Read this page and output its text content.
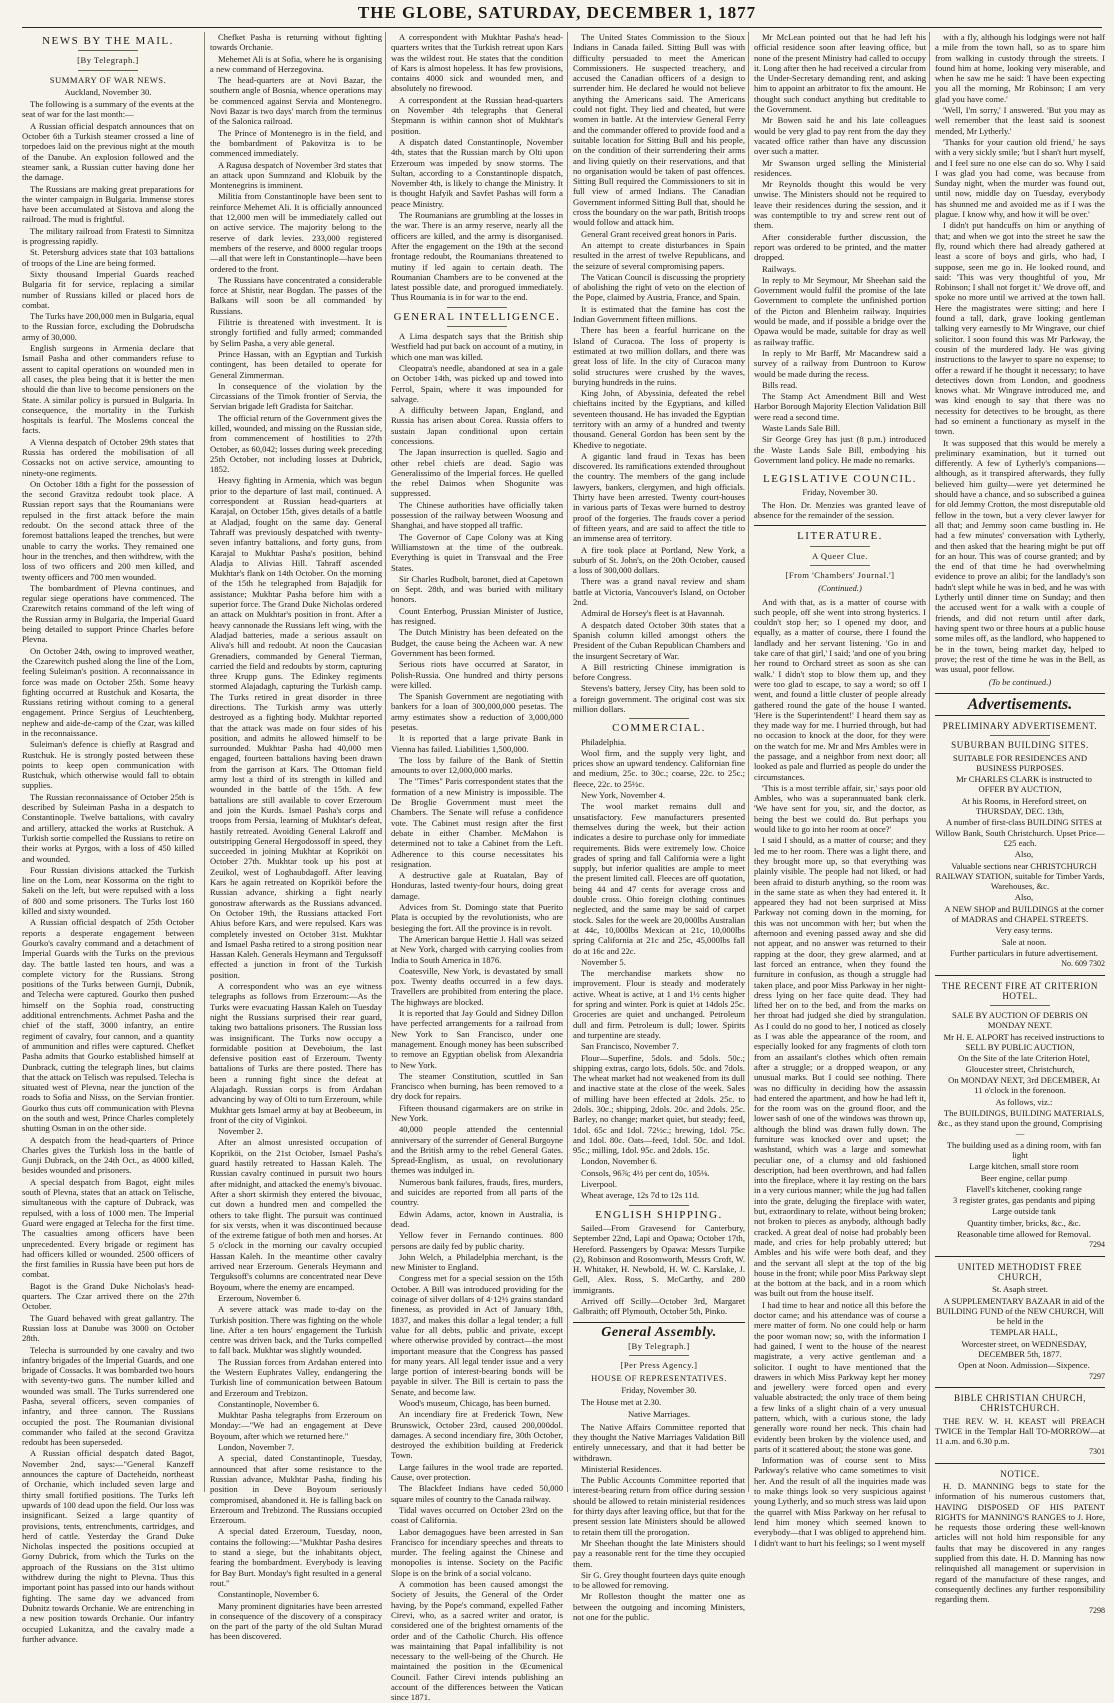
THE GLOBE, SATURDAY, DECEMBER 1, 1877
NEWS BY THE MAIL.
[By Telegraph.]
SUMMARY OF WAR NEWS.

Auckland, November 30.

The following is a summary of the events at the seat of war for the last month:—

A Russian official despatch announces that on October 6th a Turkish steamer crossed a line of torpedoes laid on the previous night at the mouth of the Danube. An explosion followed and the steamer sank, a Russian cutter having done her the damage.

The Russians are making great preparations for the winter campaign in Bulgaria. Immense stores have been accumulated at Sistova and along the railroad. The mud is frightful.

The military railroad from Fratesti to Simnitza is progressing rapidly.

St. Petersburg advices state that 103 battalions of troops of the Line are being formed.

Sixty thousand Imperial Guards reached Bulgaria fit for service, replacing a similar number of Russians killed or placed hors de combat.

The Turks have 200,000 men in Bulgaria, equal to the Russian force, excluding the Dobrudscha army of 30,000.

English surgeons in Armenia declare that Ismail Pasha and other commanders refuse to assent to capital operations on wounded men in all cases, the plea being that it is better the men should die than live to become pensioners on the State. A similar policy is pursued in Bulgaria. In consequence, the mortality in the Turkish hospitals is fearful. The Moslems conceal the facts.

A Vienna despatch of October 29th states that Russia has ordered the mobilisation of all Cossacks not on active service, amounting to ninety-one regiments.

On October 18th a fight for the possession of the second Gravitza redoubt took place. A Russian report says that the Roumanians were repulsed in the first attack before the main redoubt. On the second attack three of the foremost battalions leaped the trenches, but were unable to carry the works. They remained one hour in the trenches, and then withdrew, with the loss of two officers and 200 men killed, and twenty officers and 700 men wounded.

The bombardment of Plevna continues, and regular siege operations have commenced. The Czarewitch retains command of the left wing of the Russian army in Bulgaria, the Imperial Guard being detailed to support Prince Charles before Plevna.

On October 24th, owing to improved weather, the Czarewitch pushed along the line of the Lom, feeling Suleiman's position. A reconnaissance in force was made on October 25th. Some heavy fighting occurred at Rustchuk and Kosarta, the Russians retiring without coming to a general engagement. Prince Sergius of Leuchtenberg, nephew and aide-de-camp of the Czar, was killed in the reconnaissance.

Suleiman's defence is chiefly at Rasgrad and Rustchuk. He is strongly posted between these points to keep open communication with Rustchuk, which otherwise would fall to obtain supplies.

The Russian reconnaissance of October 25th is described by Suleiman Pasha in a despatch to Constantinople. Twelve battalions, with cavalry and artillery, attacked the works at Rustchuk. A Turkish sortie compelled the Russians to retire on their works at Pyrgos, with a loss of 450 killed and wounded.

Four Russian divisions attacked the Turkish line on the Lom, near Kossorma on the right to Sakeli on the left, but were repulsed with a loss of 800 and some prisoners. The Turks lost 160 killed and sixty wounded.

A Russian official despatch of 25th October reports a desperate engagement between Gourko's cavalry command and a detachment of Imperial Guards with the Turks on the previous day. The battle lasted ten hours, and was a complete victory for the Russians. Strong positions of the Turks between Gurnji, Dubnik, and Telecha were captured. Gourko then pushed himself on the Sophia road, constructing additional entrenchments. Achmet Pasha and the chief of the staff, 3000 infantry, an entire regiment of cavalry, four cannon, and a quantity of ammunition and rifles were captured. Chefket Pasha admits that Gourko established himself at Dunbrack, cutting the telegraph lines, but claims that the attack on Telisch was repulsed. Telecha is situated west of Plevna, near the junction of the roads to Sofia and Nisss, on the Servian frontier. Gourko thus cuts off communication with Plevna on the south and west, Prince Charles completely shutting Osman in on the other side.

A despatch from the head-quarters of Prince Charles gives the Turkish loss in the battle of Gunji Dubrack, on the 24th Oct., as 4000 killed, besides wounded and prisoners.

A special despatch from Bagot, eight miles south of Plevna, states that an attack on Telische, simultaneous with the capture of Dubrack, was repulsed, with a loss of 1000 men. The Imperial Guard were engaged at Telecha for the first time. The casualties among officers have been unprecedented. Every brigade or regiment has had officers killed or wounded. 2500 officers of the first families in Russia have been put hors de combat.

Bagot is the Grand Duke Nicholas's head-quarters. The Czar arrived there on the 27th October.

The Guard behaved with great gallantry. The Russian loss at Danube was 3000 on October 28th.

Telecha is surrounded by one cavalry and two infantry brigades of the Imperial Guards, and one brigade of Cossacks. It was bombarded two hours with seventy-two guns. The number killed and wounded was small. The Turks surrendered one Pasha, several officers, seven companies of infantry, and three cannon. The Russians occupied the post. The Roumanian divisional commander who failed at the second Gravitza redoubt has been superseded.

A Russian official despatch dated Bagot, November 2nd, says:—"General Kanzeff announces the capture of Dacteheidn, northeast of Orchanie, which included seven large and thirty small fortified positions. The Turks left upwards of 100 dead upon the field. Our loss was insignificant. Seized a large quantity of provisions, tents, entrenchments, cartridges, and herd of cattle. Yesterday the Grand Duke Nicholas inspected the positions occupied at Gorny Dubrick, from which the Turks on the approach of the Russians on the 31st ultimo withdrew during the night to Plevna. Thus this important point has passed into our hands without fighting. The same day we advanced from Dubnitz towards Orchanie. We are entrenching in a new position towards Orchanie. Our infantry occupied Lukanitza, and the cavalry made a further advance.

Chefket Pasha is returning without fighting towards Orchanie.

Mehemet Ali is at Sofia, where he is organising a new command of Herzegovina.

The head-quarters are at Novi Bazar, the southern angle of Bosnia, whence operations may be commenced against Servia and Montenegro. Novi Bazar is two days' march from the terminus of the Salonica railroad.

The Prince of Montenegro is in the field, and the bombardment of Pakovitza is to be commenced immediately.

A Ragusa despatch of November 3rd states that an attack upon Sumnzand and Klobuik by the Montenegrins is imminent.

Militia from Constantinople have been sent to reinforce Mehemet Ali. It is officially announced that 12,000 men will be immediately called out on active service. The majority belong to the reserve of dark levies. 233,000 registered members of the reserve, and 8000 regular troops—all that were left in Constantinople—have been ordered to the front.

The Russians have concentrated a considerable force at Shistir, near Bogdan. The passes of the Balkans will soon be all commanded by Russians.

Filitrie is threatened with investment. It is strongly fortified and fully armed; commanded by Selim Pasha, a very able general.

Prince Hassan, with an Egyptian and Turkish contingent, has been detailed to operate for General Zimmerman.

In consequence of the violation by the Circassians of the Timok frontier of Servia, the Servian brigade left Gradista for Saitchar.

The official return of the Government gives the killed, wounded, and missing on the Russian side, from commencement of hostilities to 27th October, as 60,042; losses during week preceding 25th October, not including losses at Dubrick, 1852.

Heavy fighting in Armenia, which was begun prior to the departure of last mail, continued. A correspondent at Russian head-quarters at Karajal, on October 15th, gives details of a battle at Aladjad, fought on the same day. General Tahraff was previously despatched with twenty-seven infantry battalions, and forty guns, from Karajal to Mukhtar Pasha's position, behind Aladja to Alivias Hill. Tahraff ascended Mukhtar's flank on 14th October. On the morning of the 15th he telegraphed from Bajadjik for assistance; Mukhtar Pasha before him with a superior force. The Grand Duke Nicholas ordered an attack on Mukhtar's position in front. After a heavy cannonade the Russians left wing, with the Aladjad batteries, made a serious assault on Aliva's hill and redoubt. At noon the Caucasian Grenadiers, commanded by General Tierman, carried the field and redoubts by storm, capturing three Krupp guns. The Edinkey regiments stormed Alajadagh, capturing the Turkish camp. The Turks retired in great disorder in three directions. The Turkish army was utterly destroyed as a fighting body. Mukhtar reported that the attack was made on four sides of his position, and admits he allowed himself to be surrounded. Mukhtar Pasha had 40,000 men engaged, fourteen battalions having been drawn from the garrison at Kars. The Ottoman field army lost a third of its strength in killed and wounded in the battle of the 15th. A few battalions are still available to cover Erzeroum and join the Kurds. Ismael Pasha's corps and troops from Persia, learning of Mukhtar's defeat, hastily retreated. Avoiding General Lakroff and outstripping General Hergodossoff in speed, they succeeded in joining Mukhtar at Kopriköi on October 27th. Mukhtar took up his post at Zeuikol, west of Loghaubdagoff. After leaving Kars he again retreated on Kopriköi before the Russian advance, shirking a fight nearly gonostraw afterwards as the Russians advanced. On October 19th, the Russians attacked Fort Ahius before Kars, and were repulsed. Kars was completely invested on October 31st. Mukhtar and Ismael Pasha retired to a strong position near Hassan Kaleh. Generals Heymann and Terguksoff effected a junction in front of the Turkish position.

A correspondent who was an eye witness telegraphs as follows from Erzeroum:—As the Turks were evacuating Hassan Kaleh on Tuesday night the Russians surprised their rear guard, taking two battalions prisoners. The Russian loss was insignificant. The Turks now occupy a formidable position at Deveboium, the last defensive position east of Erzeroum. Twenty battalions of Turks are there posted. There has been a running fight since the defeat at Alajadagh. Russian corps is from Ardahan advancing by way of Olti to turn Erzeroum, while Mukhtar gets Ismael army at bay at Beobeeum, in front of the city of Viginkoi.

November 2.

After an almost unresisted occupation of Kopriköi, on the 21st October, Ismael Pasha's guard hastily retreated to Hassan Kaleh. The Russian cavalry continued in pursuit two hours after midnight, and attacked the enemy's bivouac. After a short skirmish they entered the bivouac, cut down a hundred men and compelled the others to take flight. The pursuit was continued for six versts, when it was discontinued because of the extreme fatigue of both men and horses. At 5 o'clock in the morning our cavalry occupied Hassan Kaleh. In the meantime other cavalry arrived near Erzeroum. Generals Heymann and Terguksoff's columns are concentrated near Deve Boyoum, where the enemy are encamped.

Erzeroum, November 6.

A severe attack was made to-day on the Turkish position. There was fighting on the whole line. After a ten hours' engagement the Turkish centre was driven back, and the Turks compelled to fall back. Mukhtar was slightly wounded.

The Russian forces from Ardahan entered into the Western Euphrates Valley, endangering the Turkish line of communication between Batoum and Erzeroum and Trebizon.

Constantinople, November 6.

Mukhtar Pasha telegraphs from Erzeroum on Monday:—"We had an engagement at Deve Boyoum, after which we returned here."

London, November 7.

A special, dated Constantinople, Tuesday, announced that after some resistance to the Russian advance, Mukhtar Pasha, finding his position in Deve Boyoum seriously compromised, abandoned it. He is falling back on Erzeroum and Trebizond. The Russians occupied Erzeroum.

A special dated Erzeroum, Tuesday, noon, contains the following:—"Mukhtar Pasha desires to stand a siege, but the inhabitants object, fearing the bombardment. Everybody is leaving for Bay Burt. Monday's fight resulted in a general rout."

Constantinople, November 6.

Many prominent dignitaries have been arrested in consequence of the discovery of a conspiracy on the part of the party of the old Sultan Murad has been discovered.

A correspondent with Mukhtar Pasha's head-quarters writes that the Turkish retreat upon Kars was the wildest rout. He states that the condition of Kars is almost hopeless. It has few provisions, contains 4000 sick and wounded men, and absolutely no firewood.

A correspondent at the Russian head-quarters on November 4th telegraphs that General Stepmann is within cannon shot of Mukhtar's position.

A dispatch dated Constantinople, November 4th, states that the Russian march by Olti upon Erzeroum was impeded by snow storms. The Sultan, according to a Constantinople dispatch, November 4th, is likely to change the Ministry. It is thought Hafyik and Savfet Pashas will form a peace Ministry.

The Roumanians are grumbling at the losses in the war. There is an army reserve, nearly all the officers are killed, and the army is disorganised. After the engagement on the 19th at the second frontage redoubt, the Roumanians threatened to mutiny if led again to certain death. The Roumanian Chambers are to be convened at the latest possible date, and prorogued immediately. Thus Roumania is in for war to the end.

GENERAL INTELLIGENCE.

A Lima despatch says that the British ship Westfield had put back on account of a mutiny, in which one man was killed.

Cleopatra's needle, abandoned at sea in a gale on October 14th, was picked up and towed into Ferrol, Spain, where it was impounded for salvage.

A difficulty between Japan, England, and Russia has arisen about Corea. Russia offers to sustain Japan conditional upon certain concessions.

The Japan insurrection is quelled. Sagio and other rebel chiefs are dead. Sagio was Generalissimo of the Imperial forces. He quelled the rebel Daimos when Shogunite was suppressed.

The Chinese authorities have officially taken possession of the railway between Woosung and Shanghai, and have stopped all traffic.

The Governor of Cape Colony was at King Williamstown at the time of the outbreak. Everything is quiet in Transvaal and the Free States.

Sir Charles Rudbolt, baronet, died at Capetown on Sept. 28th, and was buried with military honors.

Count Enterbog, Prussian Minister of Justice, has resigned.

The Dutch Ministry has been defeated on the Budget, the cause being the Acheen war. A new Government has been formed.

Serious riots have occurred at Sarator, in Polish-Russia. One hundred and thirty persons were killed.

The Spanish Government are negotiating with bankers for a loan of 300,000,000 pesetas. The army estimates show a reduction of 3,000,000 pesetas.

It is reported that a large private Bank in Vienna has failed. Liabilities 1,500,000.

The loss by failure of the Bank of Stettin amounts to over 12,000,000 marks.

The "Times" Paris correspondent states that the formation of a new Ministry is impossible. The De Broglie Government must meet the Chambers. The Senate will refuse a confidence vote. The Cabinet must resign after the first debate in either Chamber. McMahon is determined not to take a Cabinet from the Left. Adherence to this course necessitates his resignation.

A destructive gale at Ruatalan, Bay of Honduras, lasted twenty-four hours, doing great damage.

Advices from St. Domingo state that Puerito Plata is occupied by the revolutionists, who are besieging the fort. All the province is in revolt.

The American barque Hettie J. Hall was seized at New York, charged with carrying coolies from India to South America in 1876.

Coatesville, New York, is devastated by small pox. Twenty deaths occurred in a few days. Travellers are prohibited from entering the place. The highways are blocked.

It is reported that Jay Gould and Sidney Dillon have perfected arrangements for a railroad from New York to San Francisco, under one management. Enough money has been subscribed to remove an Egyptian obelisk from Alexandria to New York.

The steamer Constitution, scuttled in San Francisco when burning, has been removed to a dry dock for repairs.

Fifteen thousand cigarmakers are on strike in New York.

40,000 people attended the centennial anniversary of the surrender of General Burgoyne and the British army to the rebel General Gates. Spread-Englism, as usual, on revolutionary themes was indulged in.

Numerous bank failures, frauds, fires, murders, and suicides are reported from all parts of the country.

Edwin Adams, actor, known in Australia, is dead.

Yellow fever in Fernando continues. 800 persons are daily fed by public charity.

John Welch, a Philadelphia merchant, is the new Minister to England.

Congress met for a special session on the 15th October. A Bill was introduced providing for the coinage of silver dollars of 4·12½ grains standard fineness, as provided in Act of January 18th, 1837, and makes this dollar a legal tender; a full value for all debts, public and private, except where otherwise provided by contract—the most important measure that the Congress has passed for many years. All legal tender issue and a very large portion of interest-bearing bonds will be payable in silver. The Bill is certain to pass the Senate, and become law.

Wood's museum, Chicago, has been burned.

An incendiary fire at Frederick Town, New Brunswick, October 23rd, caused 200,000dol. damages. A second incendiary fire, 30th October, destroyed the exhibition building at Frederick Town.

Large failures in the wool trade are reported. Cause, over protection.

The Blackfeet Indians have ceded 50,000 square miles of country to the Canada railway.

Tidal waves occurred on October 23rd on the coast of California.

Labor demagogues have been arrested in San Francisco for incendiary speeches and threats to murder. The feeling against the Chinese and monopolies is intense. Society on the Pacific Slope is on the brink of a social volcano.

A commotion has been caused amongst the Society of Jesuits, the General of the Order having, by the Pope's command, expelled Father Cirevi, who, as a sacred writer and orator, is considered one of the brightest ornaments of the order and of the Catholic Church. His offence was maintaining that Papal infallibility is not necessary to the well-being of the Church. He maintained the position in the Œcumenical Council. Father Cirevi intends publishing an account of the differences between the Vatican since 1871.

The United States Commission to the Sioux Indians in Canada failed. Sitting Bull was with difficulty persuaded to meet the American Commissioners. He suspected treachery, and accused the Canadian officers of a design to surrender him. He declared he would not believe anything the Americans said. The Americans could not fight. They lied and cheated, but were women in battle. At the interview General Ferry and the commander offered to provide food and a suitable location for Sitting Bull and his people, on the condition of their surrendering their arms and living quietly on their reservations, and that no organisation would be taken of past offences. Sitting Bull required the Commissioners to sit in full view of armed Indians. The Canadian Government informed Sitting Bull that, should he cross the boundary on the war path, British troops would follow and attack him.

General Grant received great honors in Paris.

An attempt to create disturbances in Spain resulted in the arrest of twelve Republicans, and the seizure of several compromising papers.

The Vatican Council is discussing the propriety of abolishing the right of veto on the election of the Pope, claimed by Austria, France, and Spain.

It is estimated that the famine has cost the Indian Government fifteen millions.

There has been a fearful hurricane on the Island of Curacoa. The loss of property is estimated at two million dollars, and there was great loss of life. In the city of Curacoa many solid structures were crushed by the waves, burying hundreds in the ruins.

King John, of Abyssinia, defeated the rebel chieftains incited by the Egyptians, and killed seventeen thousand. He has invaded the Egyptian territory with an army of a hundred and twenty thousand. General Gordon has been sent by the Khedive to negotiate.

A gigantic land fraud in Texas has been discovered. Its ramifications extended throughout the country. The members of the gang include lawyers, bankers, clergymen, and high officials. Thirty have been arrested. Twenty court-houses in various parts of Texas were burned to destroy proof of the forgeries. The frauds cover a period of fifteen years, and are said to affect the title to an immense area of territory.

A fire took place at Portland, New York, a suburb of St. John's, on the 20th October, caused a loss of 300,000 dollars.

There was a grand naval review and sham battle at Victoria, Vancouver's Island, on October 2nd.

Admiral de Horsey's fleet is at Havannah.

A despatch dated October 30th states that a Spanish column killed amongst others the President of the Cuban Republican Chambers and the insurgent Secretary of War.

A Bill restricting Chinese immigration is before Congress.

Stevens's battery, Jersey City, has been sold to a foreign government. The original cost was six million dollars.

COMMERCIAL.

Philadelphia.

Wool firm, and the supply very light, and prices show an upward tendency. Californian fine and medium, 25c. to 30c.; coarse, 22c. to 25c.; fleece, 22c. to 25½c.

New York, November 4.

The wool market remains dull and unsatisfactory. Few manufacturers presented themselves during the week, but their action indicates a desire to purchase only for immediate requirements. Bids were extremely low. Choice grades of spring and fall California were a light supply, but inferior qualities are ample to meet the present limited call. Fleeces are off quotation, being 44 and 47 cents for average cross and double cross. Ohio foreign clothing continues neglected, and the same may be said of carpet stock. Sales for the week are 20,000lbs Australian at 44c, 10,000lbs Mexican at 21c, 10,000lbs spring California at 21c and 25c, 45,000lbs fall do at 16c and 22c.

November 5.

The merchandise markets show no improvement. Flour is steady and moderately active. Wheat is active, at 1 and 1½ cents higher for spring and winter. Pork is quiet at 14dols 25c. Groceries are quiet and unchanged. Petroleum dull and firm. Petroleum is dull; lower. Spirits and turpentine are steady.

San Francisco, November 7.

Flour—Superfine, 5dols. and 5dols. 50c.; shipping extras, cargo lots, 6dols. 50c. and 7dols. The wheat market had not weakened from its dull and inactive state at the close of the week. Sales of milling have been effected at 2dols. 25c. to 2dols. 30c.; shipping, 2dols. 20c. and 2dols. 25c. Barley, no change; market quiet, but steady; feed, 1dol. 65c and 1dol. 72½c.; brewing, 1dol. 75c. and 1dol. 80c. Oats—feed, 1dol. 50c. and 1dol. 95c.; milling, 1dol. 95c. and 2dols. 15c.

London, November 6.

Consols, 96⅞; 4½ per cent do, 105⅛.

Liverpool.

Wheat average, 12s 7d to 12s 11d.

ENGLISH SHIPPING.

Sailed—From Gravesend for Canterbury, September 22nd, Lapi and Opawa; October 17th, Hereford. Passengers by Opawa: Messrs Turpike (2), Robinson and Rosomworth, Messrs Croft, W. H. Whitaker, H. Newbold, H. W. C. Karslake, J. Gell, Alex. Ross, S. McCarthy, and 280 immigrants.

Arrived off Scilly—October 3rd, Margaret Galbraith; off Plymouth, October 5th, Pinko.

General Assembly.
[By Telegraph.]
[Per Press Agency.]
HOUSE OF REPRESENTATIVES.

Friday, November 30.

The House met at 2.30.

Native Marriages.

The Native Affairs Committee reported that they thought the Native Marriages Validation Bill entirely unnecessary, and that it had better be withdrawn.

Ministerial Residences.

The Public Accounts Committee reported that interest-bearing return from office during session should be allowed to retain ministerial residences for thirty days after leaving office, but that for the present session late Ministers should be allowed to retain them till the prorogation.

Mr Sheehan thought the late Ministers should pay a reasonable rent for the time they occupied them.

Sir G. Grey thought fourteen days quite enough to be allowed for removing.

Mr Rolleston thought the matter one as between the outgoing and incoming Ministers, not one for the public.

Mr McLean pointed out that he had left his official residence soon after leaving office, but none of the present Ministry had called to occupy it. Long after then he had received a circular from the Under-Secretary demanding rent, and asking him to appoint an arbitrator to fix the amount. He thought such conduct anything but creditable to the Government.

Mr Bowen said he and his late colleagues would be very glad to pay rent from the day they vacated office rather than have any discussion over such a matter.

Mr Swanson urged selling the Ministerial residences.

Mr Reynolds thought this would be very unwise. The Ministers should not be required to leave their residences during the session, and it was contemptible to try and screw rent out of them.

After considerable further discussion, the report was ordered to be printed, and the matter dropped.

Railways.

In reply to Mr Seymour, Mr Sheehan said the Government would fulfil the promise of the late Government to complete the unfinished portion of the Picton and Blenheim railway. Inquiries would be made, and if possible a bridge over the Opawa would be made, suitable for dray as well as railway traffic.

In reply to Mr Barff, Mr Macandrew said a survey of a railway from Duntroon to Kurow would be made during the recess.

Bills read.

The Stamp Act Amendment Bill and West Harbor Borough Majority Election Validation Bill were read a second time.

Waste Lands Sale Bill.

Sir George Grey has just (8 p.m.) introduced the Waste Lands Sale Bill, embodying his Government land policy. He made no remarks.

LEGISLATIVE COUNCIL.

Friday, November 30.

The Hon. Dr. Menzies was granted leave of absence for the remainder of the session.

LITERATURE.
A Queer Clue.
[From 'Chambers' Journal.']
(Continued.)

And with that, as is a matter of course with such people, off she went into strong hysterics. I couldn't stop her; so I opened my door, and equally, as a matter of course, there I found the landlady and her servant listening. 'Go in and take care of that girl,' I said; 'and one of you bring her round to Orchard street as soon as she can walk.' I didn't stop to blow them up, and they were too glad to escape, to say a word; so off I went, and found a little cluster of people already gathered round the gate of the house I wanted. 'Here is the Superintendent!' I heard them say as they made way for me. I hurried through, but had no occasion to knock at the door, for they were on the watch for me. Mr and Mrs Ambles were in the passage, and a neighbor from next door; all looked as pale and flurried as people do under the circumstances.

'This is a most terrible affair, sir,' says poor old Ambles, who was a superannuated bank clerk. 'We have sent for you, sir, and the doctor, as being the best we could do. But perhaps you would like to go into her room at once?'

I said I should, as a matter of course; and they led me to her room. There was a light there, and they brought more up, so that everything was plainly visible. The people had not liked, or had been afraid to disturb anything, so the room was in the same state as when they had entered it. It appeared they had not been surprised at Miss Parkway not coming down in the morning, for this was not uncommon with her; but when the afternoon and evening passed away and she did not appear, and no answer was returned to their rapping at the door, they grew alarmed, and at last forced an entrance, when they found the furniture in confusion, as though a struggle had taken place, and poor Miss Parkway in her night-dress lying on her face quite dead. They had lifted her on to the bed, and from the marks on her throat had judged she died by strangulation. As I could do no good to her, I noticed as closely as I was able the appearance of the room, and especially looked for any fragments of cloth torn from an assailant's clothes which often remain after a struggle; or a dropped weapon, or any unusual marks. But I could see nothing. There was no difficulty in deciding how the assassin had entered the apartment, and how he had left it, for the room was on the ground floor, and the lower sash of one of the windows was thrown up, although the blind was drawn fully down. The furniture was knocked over and upset; the washstand, which was a large and somewhat peculiar one, of a clumsy and old fashioned description, had been overthrown, and had fallen into the fireplace, where it lay resting on the bars in a very curious manner; while the jug had fallen into the grate, deluging the fireplace with water, but, extraordinary to relate, without being broken; not broken to pieces as anybody, although badly cracked. A great deal of noise had probably been made, and cries for help probably uttered; but Ambles and his wife were both deaf, and they and the servant all slept at the top of the big house in the front; while poor Miss Parkway slept at the bottom at the back, and in a room which was built out from the house itself.

I had time to hear and notice all this before the doctor came; and his attendance was of course a mere matter of form. No one could help or harm the poor woman now; so, with the information I had gained, I went to the house of the nearest magistrate, a very active gentleman and a solicitor. I ought to have mentioned that the drawers in which Miss Parkway kept her money and jewellery were forced open and every valuable abstracted; the only trace of them being a few links of a slight chain of a very unusual pattern, which, with a curious stone, the lady generally wore round her neck. This chain had evidently been broken by the violence used, and parts of it scattered about; the stone was gone.

Information was of course sent to Miss Parkway's relative who came sometimes to visit her. And the result of all the inquiries made was to make things look so very suspicious against young Lytherly, and so much stress was laid upon the quarrel with Miss Parkway on her refusal to lend him money which seemed known to everybody—that I was obliged to apprehend him. I didn't want to hurt his feelings; so I went myself

with a fly, although his lodgings were not half a mile from the town hall, so as to spare him from walking in custody through the streets. I found him at home, looking very miserable, and when he saw me he said: 'I have been expecting you all the morning, Mr Robinson; I am very glad you have come.'

'Well, I'm sorry,' I answered. 'But you may as well remember that the least said is soonest mended, Mr Lytherly.'

'Thanks for your caution old friend,' he says with a very sickly smile; 'but I shan't hurt myself, and I feel sure no one else can do so. Why I said I was glad you had come, was because from Sunday night, when the murder was found out, until now, middle day on Tuesday, everybody has shunned me and avoided me as if I was the plague. I know why, and how it will be over.'

I didn't put handcuffs on him or anything of that; and when we got into the street he saw the fly, round which there had already gathered at least a score of boys and girls, who had, I suppose, seen me go in. He looked round, and said: 'This was very thoughtful of you, Mr Robinson; I shall not forget it.' We drove off, and spoke no more until we arrived at the town hall. Here the magistrates were sitting; and here I found a tall, dark, grave looking gentleman talking very earnestly to Mr Wingrave, our chief solicitor. I soon found this was Mr Parkway, the cousin of the murdered lady. He was giving instructions to the lawyer to spare no expense; to offer a reward if he thought it necessary; to have detectives down from London, and goodness knows what. Mr Wingrave introduced me, and was kind enough to say that there was no necessity for detectives to be brought, as there had so eminent a functionary as myself in the town.

It was supposed that this would be merely a preliminary examination, but it turned out differently. A few of Lytherly's companions—although, as it transpired afterwards, they fully believed him guilty—were yet determined he should have a chance, and so subscribed a guinea for old Jemmy Crotton, the most disreputable old fellow in the town, but a very clever lawyer for all that; and Jemmy soon came bustling in. He had a few minutes' conversation with Lytherly, and then asked that the hearing might be put off for an hour. This was of course granted; and by the end of that time he had overwhelming evidence to prove an alibi; for the landlady's son hadn't slept while he was in bed, and he was with Lytherly until dinner time on Sunday; and then the accused went for a walk with a couple of friends, and did not return until after dark, having spent two or three hours at a public house some miles off, as the landlord, who happened to be in the town, being market day, helped to prove; the rest of the time he was in the Bell, as was usual, poor fellow.

(To be continued.)
Advertisements.

PRELIMINARY ADVERTISEMENT.

SUBURBAN BUILDING SITES.

SUITABLE FOR RESIDENCES AND BUSINESS PURPOSES.

Mr CHARLES CLARK is instructed to OFFER BY AUCTION,

At his Rooms, in Hereford street, on THURSDAY, DEC. 13th,

A number of first-class BUILDING SITES at Willow Bank, South Christchurch. Upset Price—£25 each.

Also,

Valuable sections near CHRISTCHURCH RAILWAY STATION, suitable for Timber Yards, Warehouses, &c.

Also,

A NEW SHOP and BUILDINGS at the corner of MADRAS and CHAPEL STREETS.

Very easy terms.

Sale at noon.

Further particulars in future advertisement.

No. 609 7302

THE RECENT FIRE AT CRITERION HOTEL.

SALE BY AUCTION OF DEBRIS ON MONDAY NEXT.

Mr H. E. ALPORT has received instructions to SELL BY PUBLIC AUCTION,

On the Site of the late Criterion Hotel, Gloucester street, Christchurch,

On MONDAY NEXT, 3rd DECEMBER, At 11 o'clock in the forenoon.

As follows, viz.:

The BUILDINGS, BUILDING MATERIALS, &c., as they stand upon the ground, Comprising—

The building used as a dining room, with fan light

Large kitchen, small store room

Beer engine, cellar pump

Flavell's kitchener, cooking range

3 register grates, gas pendants and piping

Large outside tank

Quantity timber, bricks, &c., &c.

Reasonable time allowed for Removal.

7294

UNITED METHODIST FREE CHURCH,

St. Asaph street.

A SUPPLEMENTARY BAZAAR in aid of the BUILDING FUND of the NEW CHURCH, Will be held in the

TEMPLAR HALL,

Worcester street, on WEDNESDAY, DECEMBER 5th, 1877.

Open at Noon. Admission—Sixpence.

7297

BIBLE CHRISTIAN CHURCH, CHRISTCHURCH.

THE REV. W. H. KEAST will PREACH TWICE in the Templar Hall TO-MORROW—at 11 a.m. and 6.30 p.m.

7301

NOTICE.

H. D. MANNING begs to state for the information of his numerous customers that, HAVING DISPOSED OF HIS PATENT RIGHTS for MANNING'S RANGES to J. Hore, he requests those ordering these well-known articles will not hold him responsible for any faults that may be discovered in any ranges supplied from this date. H. D. Manning has now relinquished all management or supervision in regard of the manufacture of these ranges, and consequently declines any further responsibility regarding them.

7298
